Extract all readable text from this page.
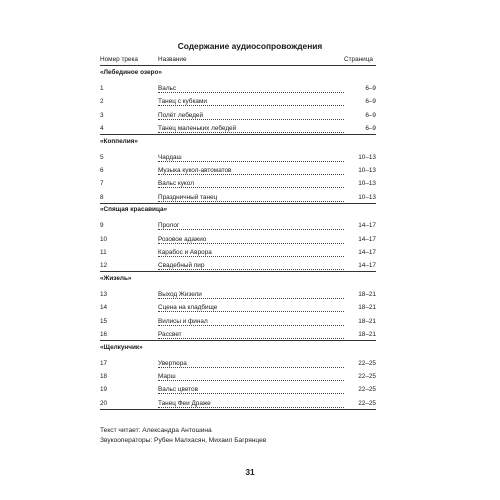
Содержание аудиосопровождения
Номер трека	Название	Страница
«Лебединое озеро»
1	Вальс	6–9
2	Танец с кубками	6–9
3	Полёт лебедей	6–9
4	Танец маленьких лебедей	6–9
«Коппелия»
5	Чардаш	10–13
6	Музыка кукол-автоматов	10–13
7	Вальс кукол	10–13
8	Праздничный танец	10–13
«Спящая красавица»
9	Пролог	14–17
10	Розовое адажио	14–17
11	Карабос и Аврора	14–17
12	Свадебный пир	14–17
«Жизель»
13	Выход Жизели	18–21
14	Сцена на кладбище	18–21
15	Вилисы и финал	18–21
16	Рассвет	18–21
«Щелкунчик»
17	Увертюра	22–25
18	Марш	22–25
19	Вальс цветов	22–25
20	Танец Феи Драже	22–25
Текст читает: Александра Антошина
Звукооператоры: Рубен Малхасян, Михаил Багрянцев
31
